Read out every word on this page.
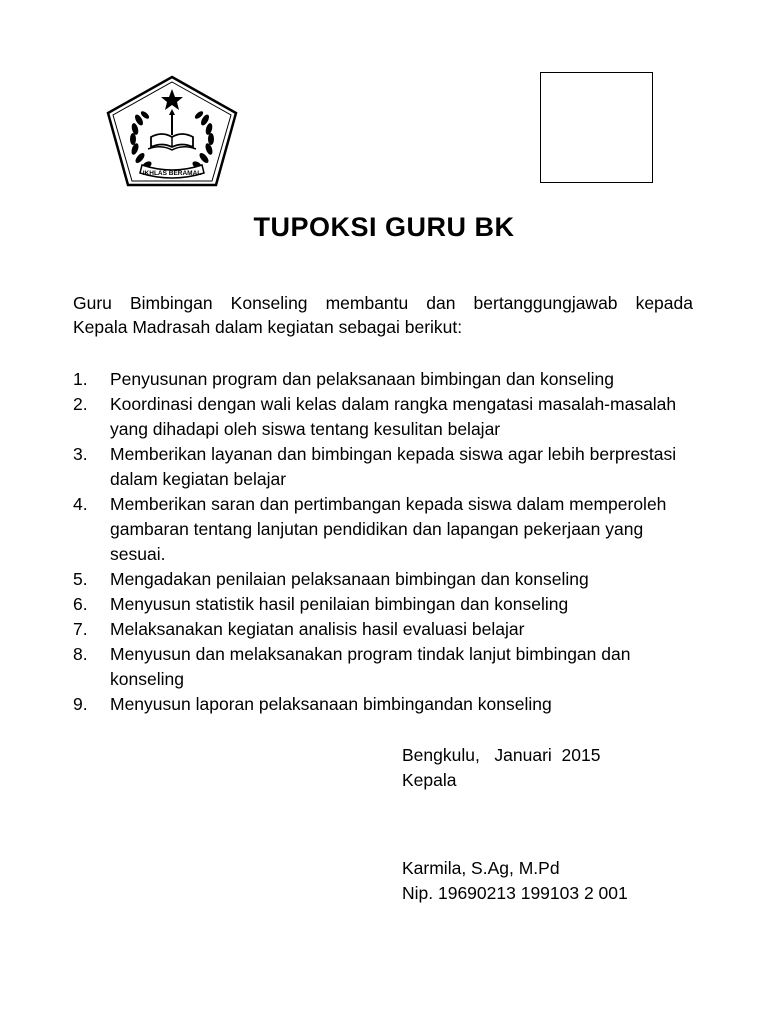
IKHLAS BERAMAL
TUPOKSI GURU BK
Guru Bimbingan Konseling membantu dan bertanggungjawab kepada
Kepala Madrasah dalam kegiatan sebagai berikut:
1. Penyusunan program dan pelaksanaan bimbingan dan konseling
2. Koordinasi dengan wali kelas dalam rangka mengatasi masalah-masalah yang dihadapi oleh siswa tentang kesulitan belajar
3. Memberikan layanan dan bimbingan kepada siswa agar lebih berprestasi dalam kegiatan belajar
4. Memberikan saran dan pertimbangan kepada siswa dalam memperoleh gambaran tentang lanjutan pendidikan dan lapangan pekerjaan yang sesuai.
5. Mengadakan penilaian pelaksanaan bimbingan dan konseling
6. Menyusun statistik hasil penilaian bimbingan dan konseling
7. Melaksanakan kegiatan analisis hasil evaluasi belajar
8. Menyusun dan melaksanakan program tindak lanjut bimbingan dan konseling
9. Menyusun laporan pelaksanaan bimbingandan konseling
Bengkulu,   Januari  2015
Kepala
Karmila, S.Ag, M.Pd
Nip. 19690213 199103 2 001
